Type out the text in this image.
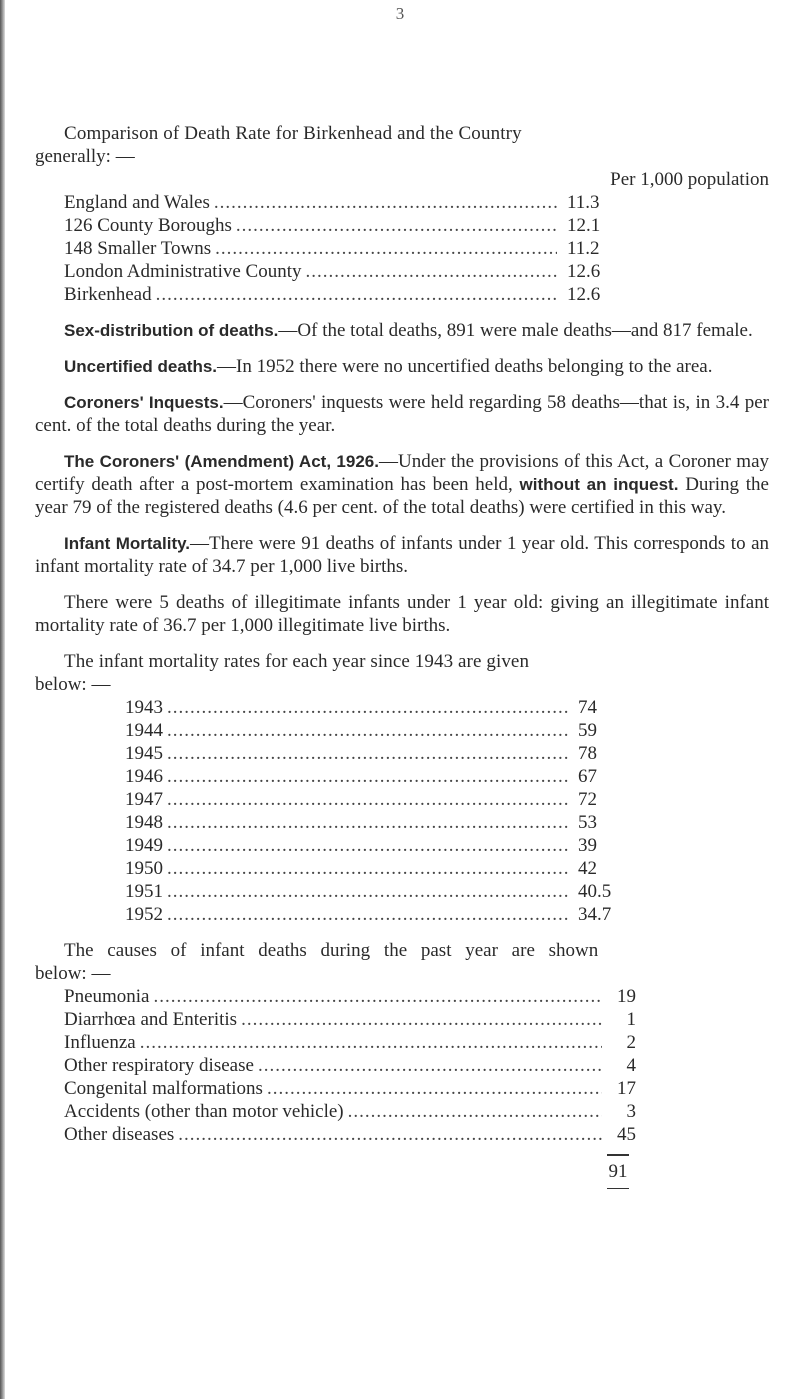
3
Comparison of Death Rate for Birkenhead and the Country
generally: —
Per 1,000 population
England and Wales .....	11.3
126 County Boroughs .....	12.1
148 Smaller Towns .....	11.2
London Administrative County .....	12.6
Birkenhead .....	12.6

Sex-distribution of deaths.—Of the total deaths, 891 were male deaths—and 817 female.

Uncertified deaths.—In 1952 there were no uncertified deaths belonging to the area.

Coroners' Inquests.—Coroners' inquests were held regarding 58 deaths—that is, in 3.4 per cent. of the total deaths during the year.

The Coroners' (Amendment) Act, 1926.—Under the provisions of this Act, a Coroner may certify death after a post-mortem examination has been held, without an inquest. During the year 79 of the registered deaths (4.6 per cent. of the total deaths) were certified in this way.

Infant Mortality.—There were 91 deaths of infants under 1 year old. This corresponds to an infant mortality rate of 34.7 per 1,000 live births.

There were 5 deaths of illegitimate infants under 1 year old: giving an illegitimate infant mortality rate of 36.7 per 1,000 illegitimate live births.

The infant mortality rates for each year since 1943 are given
below: —
1943 .....	74
1944 .....	59
1945 .....	78
1946 .....	67
1947 .....	72
1948 .....	53
1949 .....	39
1950 .....	42
1951 .....	40.5
1952 .....	34.7
The causes of infant deaths during the past year are shown
below: —
Pneumonia .....	19
Diarrhœa and Enteritis .....	1
Influenza .....	2
Other respiratory disease .....	4
Congenital malformations .....	17
Accidents (other than motor vehicle) .....	3
Other diseases .....	45
91
